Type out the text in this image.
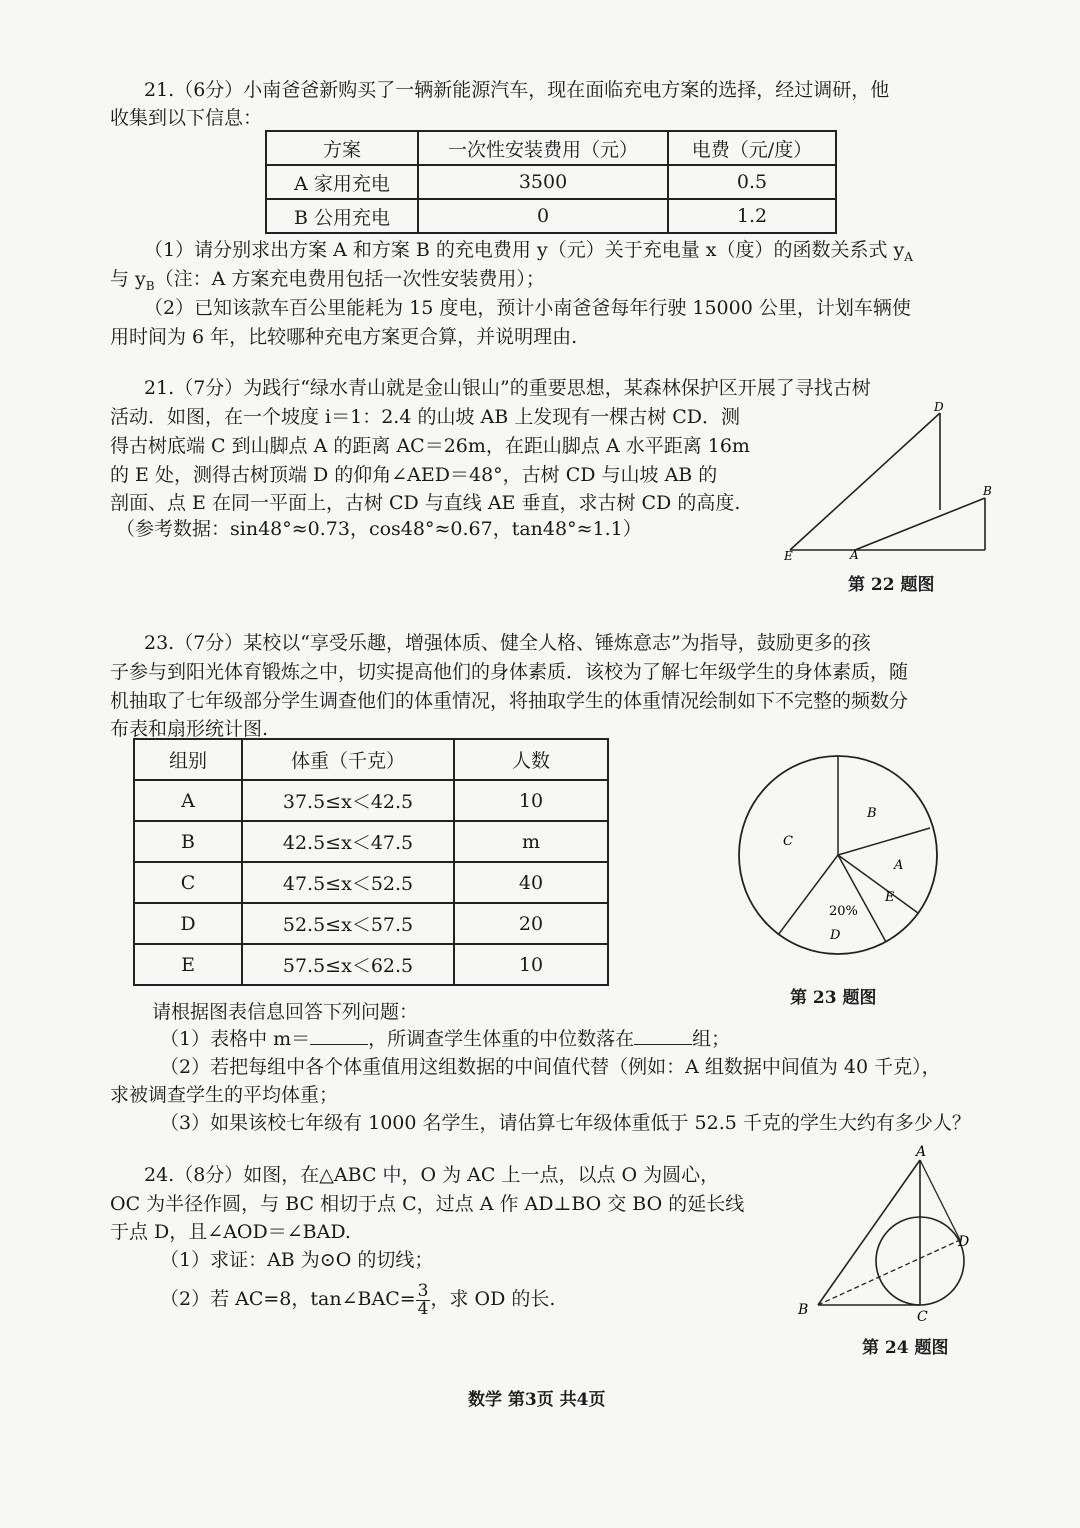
21.（6分）小南爸爸新购买了一辆新能源汽车，现在面临充电方案的选择，经过调研，他
收集到以下信息：
方案	一次性安装费用（元）	电费（元/度）
A 家用充电	3500	0.5
B 公用充电	0	1.2
（1）请分别求出方案 A 和方案 B 的充电费用 y（元）关于充电量 x（度）的函数关系式 $y_A$
与 $y_B$（注：A 方案充电费用包括一次性安装费用）；
（2）已知该款车百公里能耗为 15 度电，预计小南爸爸每年行驶 15000 公里，计划车辆使
用时间为 6 年，比较哪种充电方案更合算，并说明理由.
21.（7分）为践行“绿水青山就是金山银山”的重要思想，某森林保护区开展了寻找古树
活动．如图，在一个坡度 i＝1：2.4 的山坡 AB 上发现有一棵古树 CD．测
得古树底端 C 到山脚点 A 的距离 AC＝26m，在距山脚点 A 水平距离 16m
的 E 处，测得古树顶端 D 的仰角∠AED＝48°，古树 CD 与山坡 AB 的
剖面、点 E 在同一平面上，古树 CD 与直线 AE 垂直，求古树 CD 的高度.
（参考数据：sin48°≈0.73，cos48°≈0.67，tan48°≈1.1）
D
B
E	A
第 22 题图
23.（7分）某校以“享受乐趣，增强体质、健全人格、锤炼意志”为指导，鼓励更多的孩
子参与到阳光体育锻炼之中，切实提高他们的身体素质．该校为了解七年级学生的身体素质，随
机抽取了七年级部分学生调查他们的体重情况，将抽取学生的体重情况绘制如下不完整的频数分
布表和扇形统计图.
组别	体重（千克）	人数
A	37.5≤x＜42.5	10
B	42.5≤x＜47.5	m
C	47.5≤x＜52.5	40
D	52.5≤x＜57.5	20
E	57.5≤x＜62.5	10
B
A
E
C
20%
D
第 23 题图
请根据图表信息回答下列问题：
（1）表格中 m＝	，所调查学生体重的中位数落在	组；
（2）若把每组中各个体重值用这组数据的中间值代替（例如：A 组数据中间值为 40 千克），
求被调查学生的平均体重；
（3）如果该校七年级有 1000 名学生，请估算七年级体重低于 52.5 千克的学生大约有多少人？
24.（8分）如图，在△ABC 中，O 为 AC 上一点，以点 O 为圆心，
OC 为半径作圆，与 BC 相切于点 C，过点 A 作 AD⊥BO 交 BO 的延长线
于点 D，且∠AOD＝∠BAD.
（1）求证：AB 为⊙O 的切线；
（2）若 AC=8，tan∠BAC= $\frac{3}{4}$ ，求 OD 的长.
A
D
B	C
第 24 题图
数学 第3页 共4页
